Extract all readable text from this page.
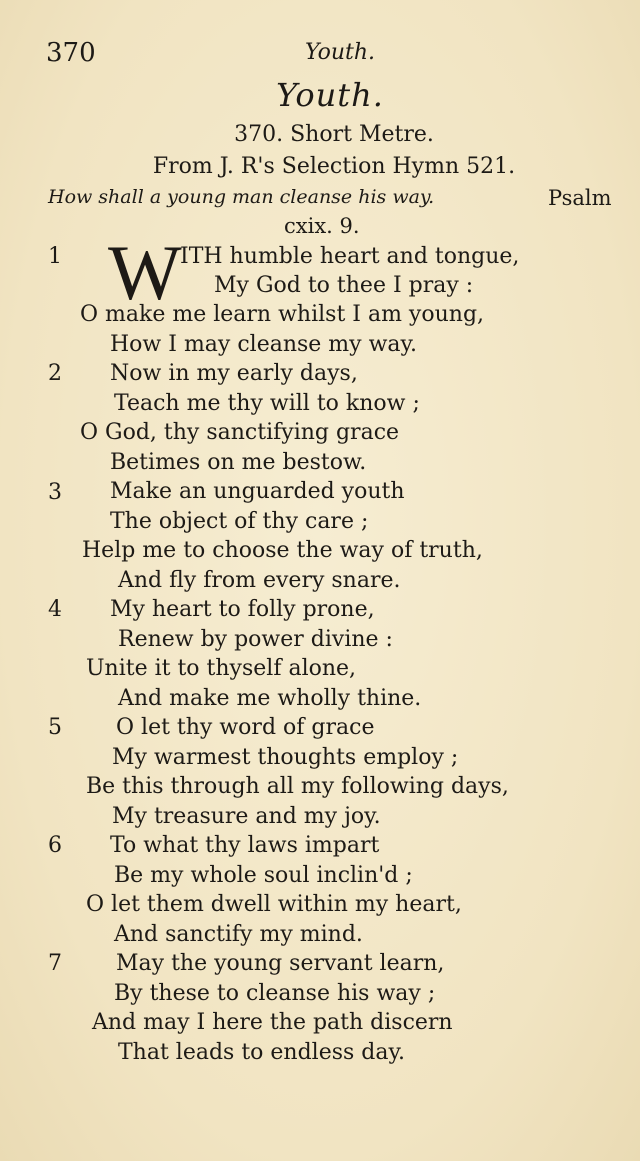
370	Youth.
Youth.
370. Short Metre.
From J. R's Selection Hymn 521.
How shall a young man cleanse his way.	Psalm
cxix. 9.
1 W
ITH humble heart and tongue,
My God to thee I pray :
O make me learn whilst I am young,
How I may cleanse my way.
2 Now in my early days,
Teach me thy will to know ;
O God, thy sanctifying grace
Betimes on me bestow.
3 Make an unguarded youth
The object of thy care ;
Help me to choose the way of truth,
And fly from every snare.
4 My heart to folly prone,
Renew by power divine :
Unite it to thyself alone,
And make me wholly thine.
5 O let thy word of grace
My warmest thoughts employ ;
Be this through all my following days,
My treasure and my joy.
6 To what thy laws impart
Be my whole soul inclin'd ;
O let them dwell within my heart,
And sanctify my mind.
7 May the young servant learn,
By these to cleanse his way ;
And may I here the path discern
That leads to endless day.
